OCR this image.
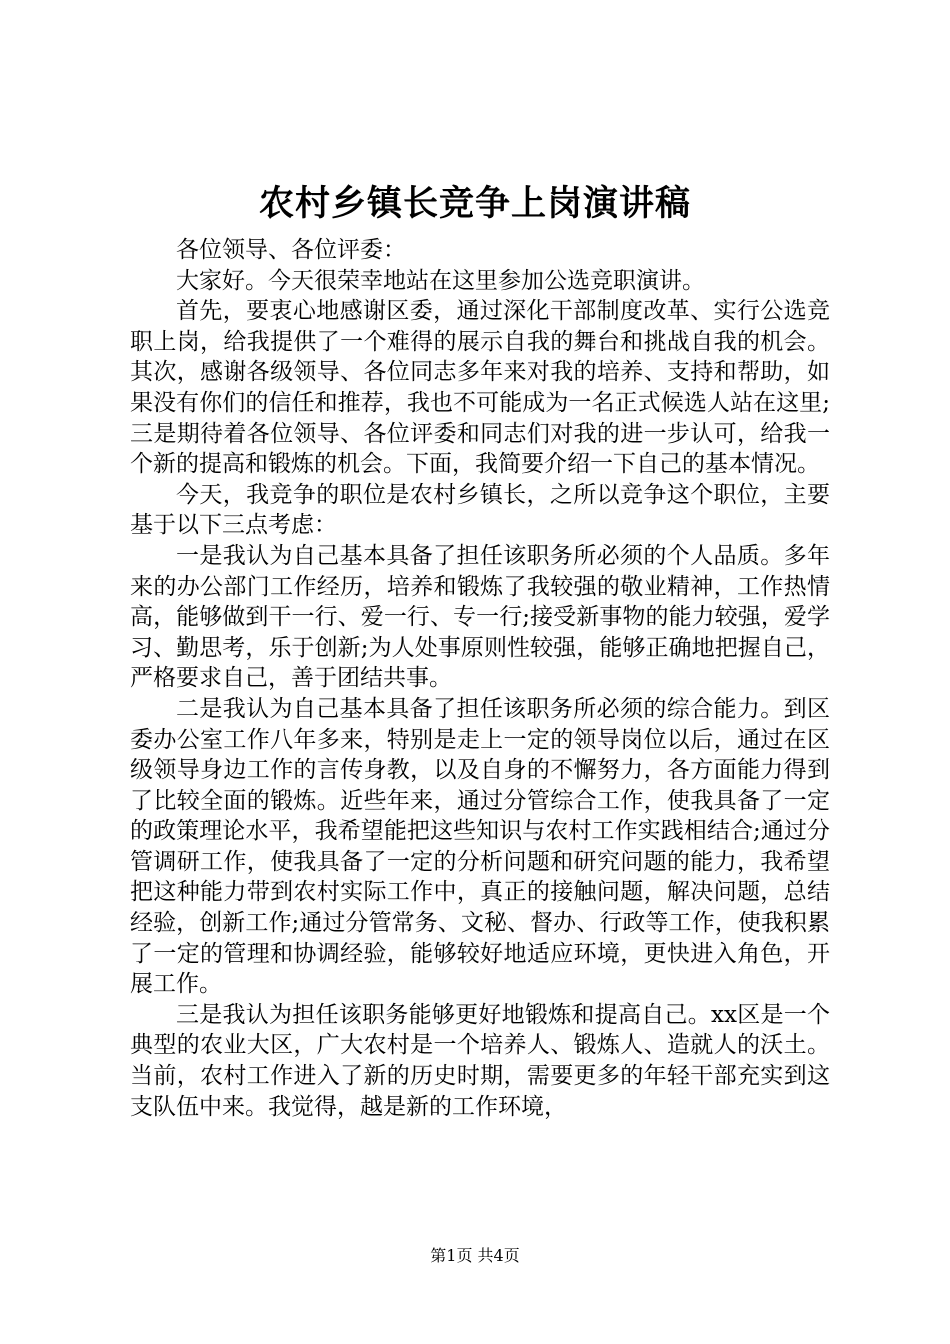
农村乡镇长竞争上岗演讲稿

各位领导、各位评委：

大家好。今天很荣幸地站在这里参加公选竞职演讲。

首先，要衷心地感谢区委，通过深化干部制度改革、实行公选竞职上岗，给我提供了一个难得的展示自我的舞台和挑战自我的机会。其次，感谢各级领导、各位同志多年来对我的培养、支持和帮助，如果没有你们的信任和推荐，我也不可能成为一名正式候选人站在这里;三是期待着各位领导、各位评委和同志们对我的进一步认可，给我一个新的提高和锻炼的机会。下面，我简要介绍一下自己的基本情况。

今天，我竞争的职位是农村乡镇长，之所以竞争这个职位，主要基于以下三点考虑：

一是我认为自己基本具备了担任该职务所必须的个人品质。多年来的办公部门工作经历，培养和锻炼了我较强的敬业精神，工作热情高，能够做到干一行、爱一行、专一行;接受新事物的能力较强，爱学习、勤思考，乐于创新;为人处事原则性较强，能够正确地把握自己，严格要求自己，善于团结共事。

二是我认为自己基本具备了担任该职务所必须的综合能力。到区委办公室工作八年多来，特别是走上一定的领导岗位以后，通过在区级领导身边工作的言传身教，以及自身的不懈努力，各方面能力得到了比较全面的锻炼。近些年来，通过分管综合工作，使我具备了一定的政策理论水平，我希望能把这些知识与农村工作实践相结合;通过分管调研工作，使我具备了一定的分析问题和研究问题的能力，我希望把这种能力带到农村实际工作中，真正的接触问题，解决问题，总结经验，创新工作;通过分管常务、文秘、督办、行政等工作，使我积累了一定的管理和协调经验，能够较好地适应环境，更快进入角色，开展工作。

三是我认为担任该职务能够更好地锻炼和提高自己。xx区是一个典型的农业大区，广大农村是一个培养人、锻炼人、造就人的沃土。当前，农村工作进入了新的历史时期，需要更多的年轻干部充实到这支队伍中来。我觉得，越是新的工作环境，

第1页 共4页
